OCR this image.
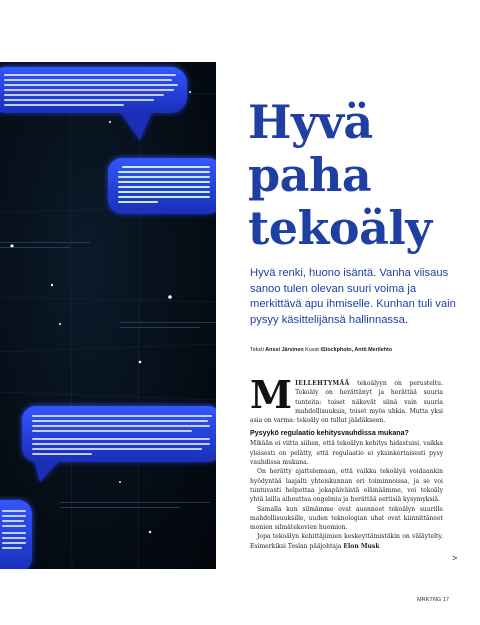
Hyvä
paha
tekoäly

Hyvä renki, huono isäntä. Vanha viisaus sanoo tulen olevan suuri voima ja merkittävä apu ihmiselle. Kunhan tuli vain pysyy käsittelijänsä hallinnassa.

Teksti Anssi Järvinen Kuvat iStockphoto, Antti Merilehto

MIELLEHTYMÄÄ tekoälyyn on perusteltu. Tekoäly on herättänyt ja herättää suuria tunteita: toiset näkevät siinä vain suuria mahdollisuuksia, toiset myös uhkia. Mutta yksi asia on varma: tekoäly on tullut jäädäkseen.

Pysyykö regulaatio kehitysvauhdissa mukana?

Mikään ei viitta siihen, että tekoälyn kehitys hidastuisi, vaikka yleisesti on pelätty, että regulaatio ei yksinkertaisesti pysy vauhdissa mukana.

On herätty ajattelemaan, että vaikka tekoälyä voidaankin hyödyntää laajalti yhteiskunnan eri toiminnoissa, ja se voi tuntuvasti helpottaa jokapäiväistä elämäämme, voi tekoäly yhtä lailla aiheuttaa ongelmia ja herättää eettisiä kysymyksiä.

Samalla kun silmämme ovat auenneet tekoälyn suurille mahdollisuuksille, uuden teknologian uhat ovat kiinnittäneet monien silmätekevien huomion.

Jopa tekoälyn kehittäjimien keskeyttämistäkin on väläytelty. Esimerkiksi Teslan pääjohtaja Elon Musk

>
MRKTNG 17
